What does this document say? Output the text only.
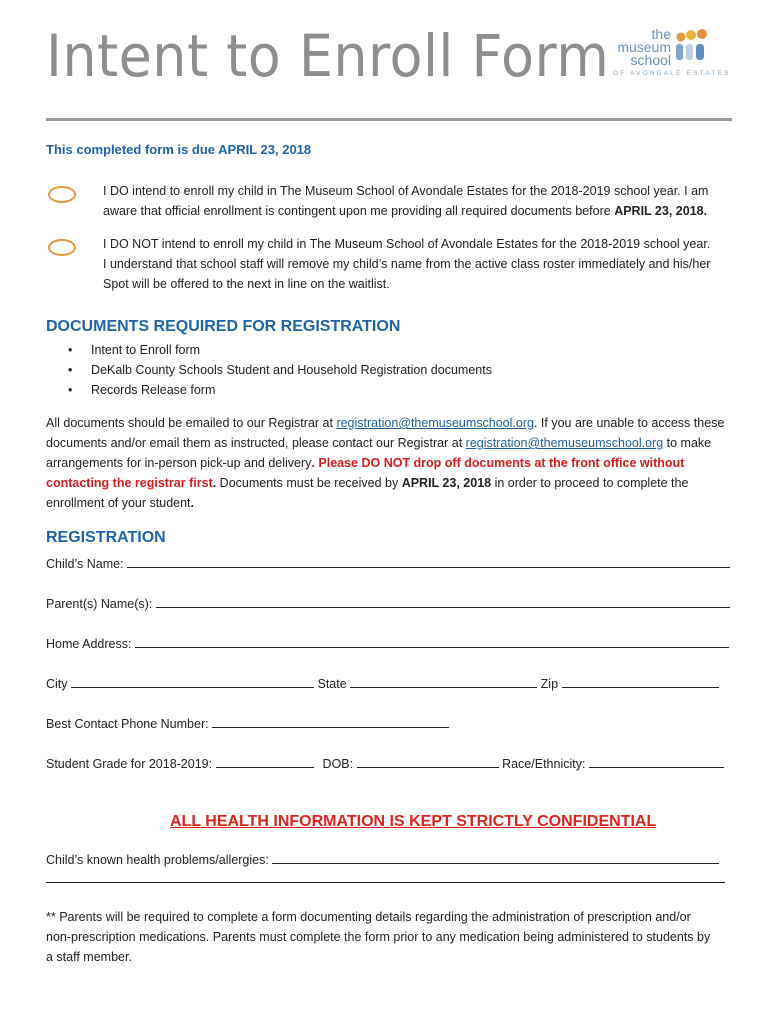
Intent to Enroll Form	the
museum
school
OF AVONDALE ESTATES
This completed form is due APRIL 23, 2018
I DO intend to enroll my child in The Museum School of Avondale Estates for the 2018-2019 school year. I am
aware that official enrollment is contingent upon me providing all required documents before APRIL 23, 2018.
I DO NOT intend to enroll my child in The Museum School of Avondale Estates for the 2018-2019 school year.
I understand that school staff will remove my child’s name from the active class roster immediately and his/her
Spot will be offered to the next in line on the waitlist.
DOCUMENTS REQUIRED FOR REGISTRATION
• Intent to Enroll form
• DeKalb County Schools Student and Household Registration documents
• Records Release form
All documents should be emailed to our Registrar at registration@themuseumschool.org. If you are unable to access these
documents and/or email them as instructed, please contact our Registrar at registration@themuseumschool.org to make
arrangements for in-person pick-up and delivery. Please DO NOT drop off documents at the front office without
contacting the registrar first. Documents must be received by APRIL 23, 2018 in order to proceed to complete the
enrollment of your student.
REGISTRATION
Child’s Name:
Parent(s) Name(s):
Home Address:
City	State	Zip
Best Contact Phone Number:
Student Grade for 2018-2019:	DOB:	Race/Ethnicity:
ALL HEALTH INFORMATION IS KEPT STRICTLY CONFIDENTIAL
Child’s known health problems/allergies:
** Parents will be required to complete a form documenting details regarding the administration of prescription and/or
non-prescription medications. Parents must complete the form prior to any medication being administered to students by
a staff member.
